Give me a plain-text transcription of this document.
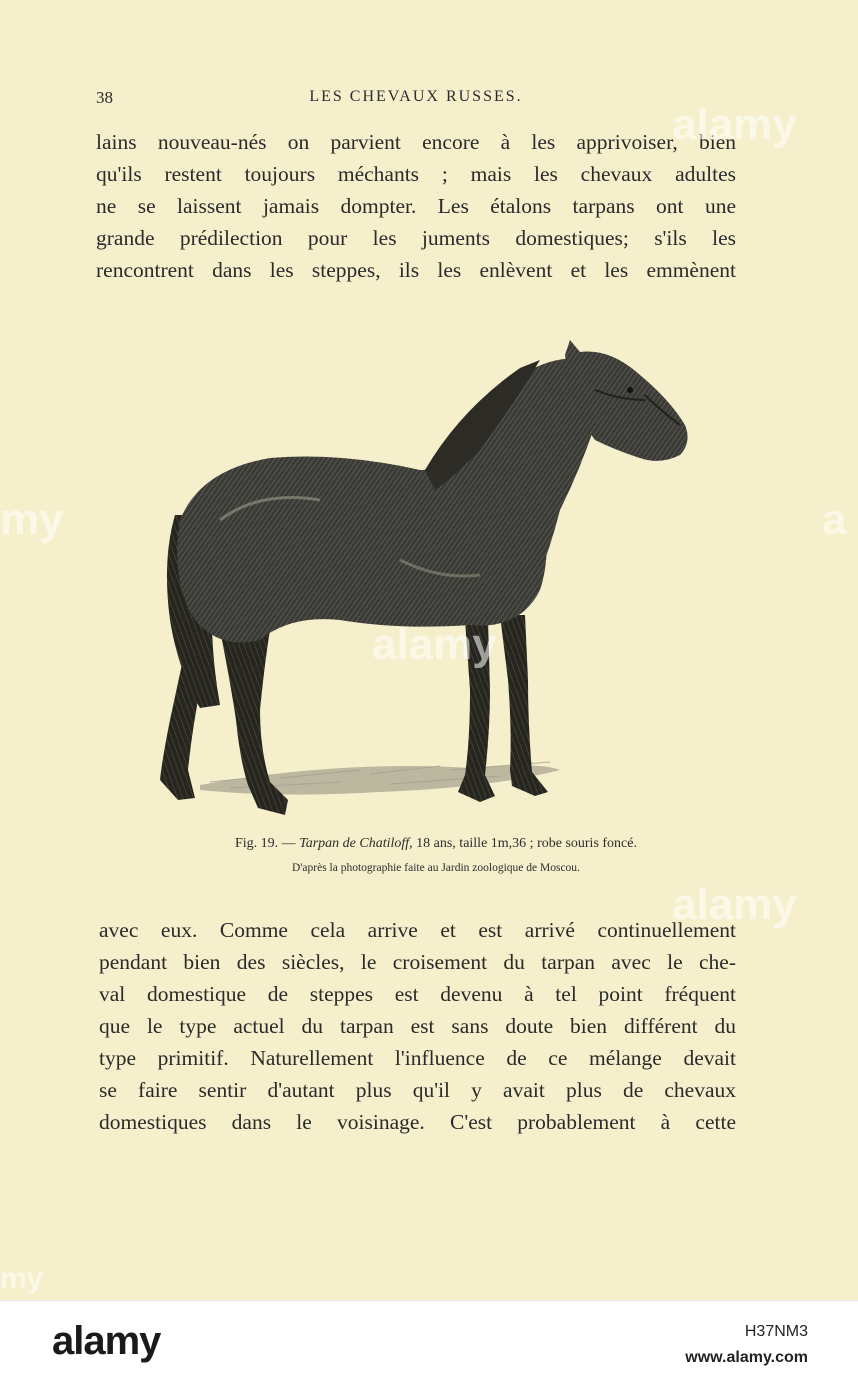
38	LES CHEVAUX RUSSES.
lains nouveau-nés on parvient encore à les apprivoiser, bien
qu'ils restent toujours méchants ; mais les chevaux adultes
ne se laissent jamais dompter. Les étalons tarpans ont une
grande prédilection pour les juments domestiques; s'ils les
rencontrent dans les steppes, ils les enlèvent et les emmènent
Fig. 19. — Tarpan de Chatiloff, 18 ans, taille 1m,36 ; robe souris foncé.
D'après la photographie faite au Jardin zoologique de Moscou.
avec eux. Comme cela arrive et est arrivé continuellement
pendant bien des siècles, le croisement du tarpan avec le che-
val domestique de steppes est devenu à tel point fréquent
que le type actuel du tarpan est sans doute bien différent du
type primitif. Naturellement l'influence de ce mélange devait
se faire sentir d'autant plus qu'il y avait plus de chevaux
domestiques dans le voisinage. C'est probablement à cette
alamy
my
alamy
a
alamy
my
alamy	H37NM3
www.alamy.com
